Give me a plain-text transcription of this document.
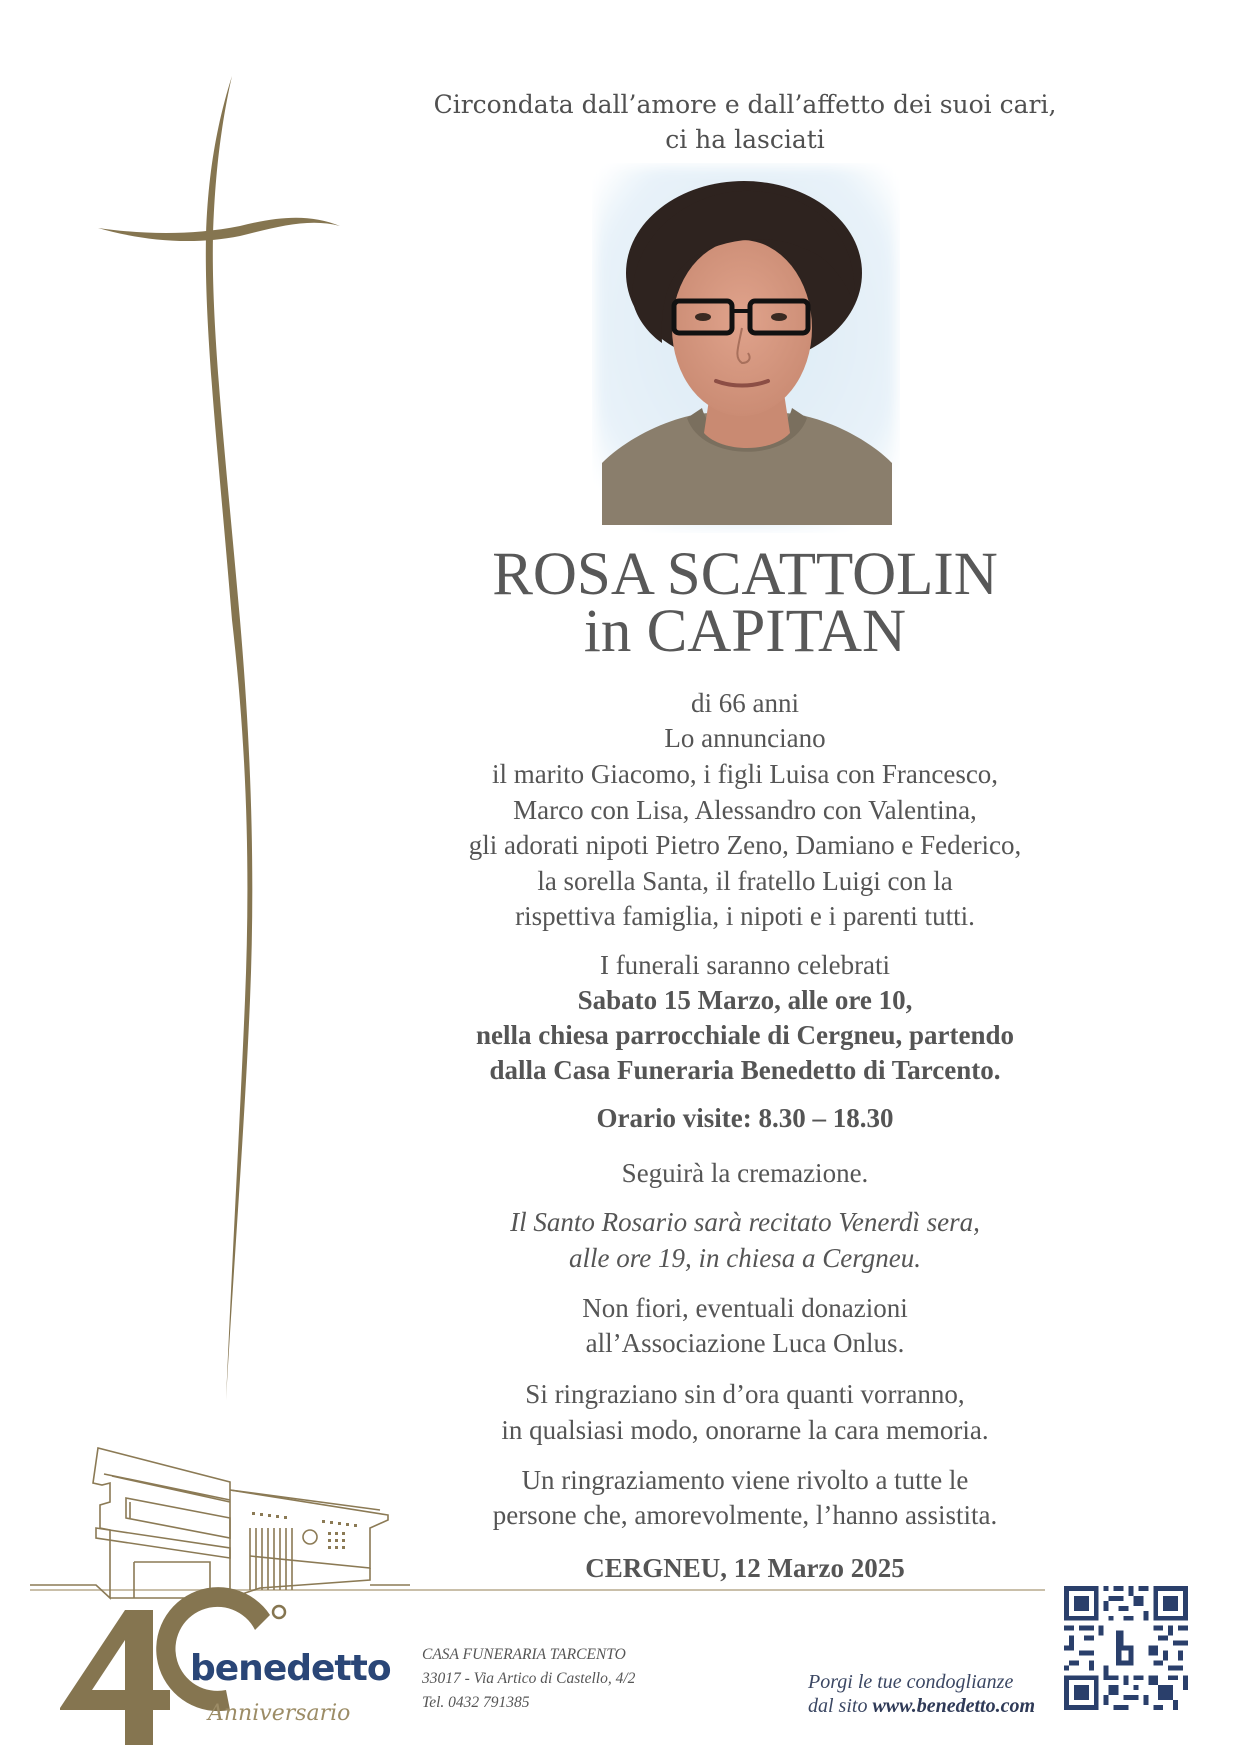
Circondata dall’amore e dall’affetto dei suoi cari,
ci ha lasciati
ROSA SCATTOLIN
in CAPITAN
di 66 anni
Lo annunciano
il marito Giacomo, i figli Luisa con Francesco,
Marco con Lisa, Alessandro con Valentina,
gli adorati nipoti Pietro Zeno, Damiano e Federico,
la sorella Santa, il fratello Luigi con la
rispettiva famiglia, i nipoti e i parenti tutti.
I funerali saranno celebrati
Sabato 15 Marzo, alle ore 10,
nella chiesa parrocchiale di Cergneu, partendo
dalla Casa Funeraria Benedetto di Tarcento.
Orario visite: 8.30 – 18.30
Seguirà la cremazione.
Il Santo Rosario sarà recitato Venerdì sera,
alle ore 19, in chiesa a Cergneu.
Non fiori, eventuali donazioni
all’Associazione Luca Onlus.
Si ringraziano sin d’ora quanti vorranno,
in qualsiasi modo, onorarne la cara memoria.
Un ringraziamento viene rivolto a tutte le
persone che, amorevolmente, l’hanno assistita.
CERGNEU, 12 Marzo 2025
benedetto
Anniversario
CASA FUNERARIA TARCENTO
33017 - Via Artico di Castello, 4/2
Tel. 0432 791385
Porgi le tue condoglianze
dal sito www.benedetto.com
